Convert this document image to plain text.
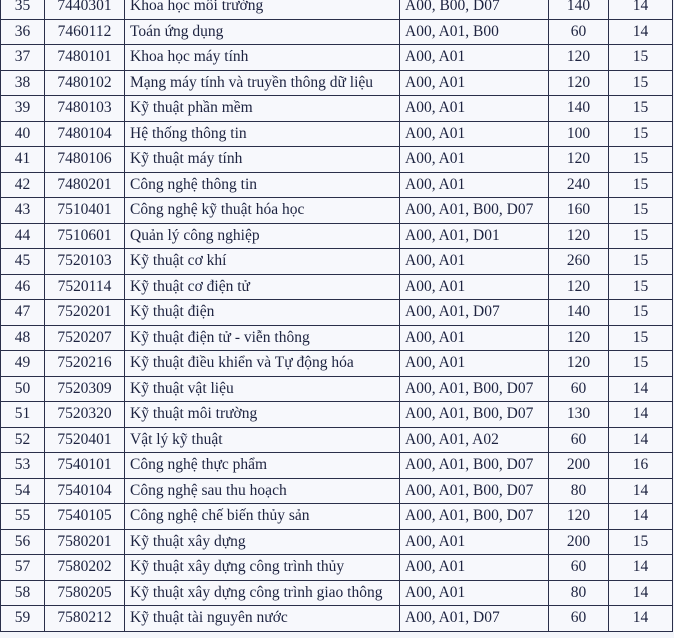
35	7440301	Khoa học môi trường	A00, B00, D07	140	14
36	7460112	Toán ứng dụng	A00, A01, B00	60	14
37	7480101	Khoa học máy tính	A00, A01	120	15
38	7480102	Mạng máy tính và truyền thông dữ liệu	A00, A01	120	15
39	7480103	Kỹ thuật phần mềm	A00, A01	140	15
40	7480104	Hệ thống thông tin	A00, A01	100	15
41	7480106	Kỹ thuật máy tính	A00, A01	120	15
42	7480201	Công nghệ thông tin	A00, A01	240	15
43	7510401	Công nghệ kỹ thuật hóa học	A00, A01, B00, D07	160	15
44	7510601	Quản lý công nghiệp	A00, A01, D01	120	15
45	7520103	Kỹ thuật cơ khí	A00, A01	260	15
46	7520114	Kỹ thuật cơ điện tử	A00, A01	120	15
47	7520201	Kỹ thuật điện	A00, A01, D07	140	15
48	7520207	Kỹ thuật điện tử - viễn thông	A00, A01	120	15
49	7520216	Kỹ thuật điều khiển và Tự động hóa	A00, A01	120	15
50	7520309	Kỹ thuật vật liệu	A00, A01, B00, D07	60	14
51	7520320	Kỹ thuật môi trường	A00, A01, B00, D07	130	14
52	7520401	Vật lý kỹ thuật	A00, A01, A02	60	14
53	7540101	Công nghệ thực phẩm	A00, A01, B00, D07	200	16
54	7540104	Công nghệ sau thu hoạch	A00, A01, B00, D07	80	14
55	7540105	Công nghệ chế biến thủy sản	A00, A01, B00, D07	120	14
56	7580201	Kỹ thuật xây dựng	A00, A01	200	15
57	7580202	Kỹ thuật xây dựng công trình thủy	A00, A01	60	14
58	7580205	Kỹ thuật xây dựng công trình giao thông	A00, A01	80	14
59	7580212	Kỹ thuật tài nguyên nước	A00, A01, D07	60	14
